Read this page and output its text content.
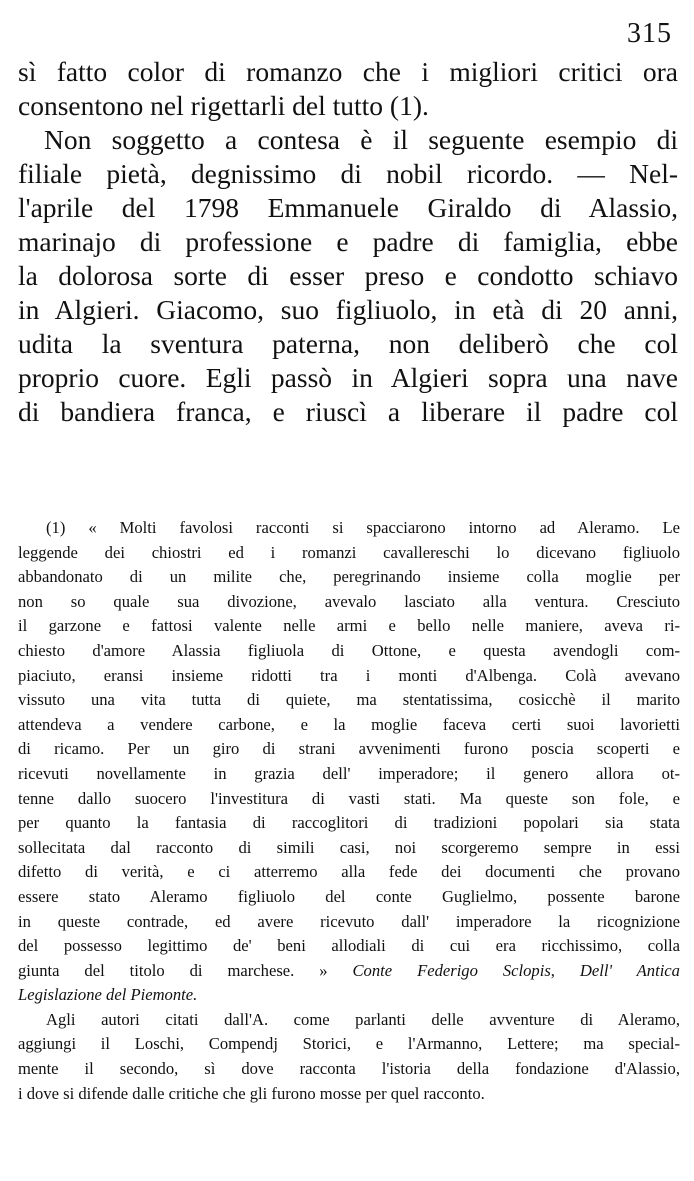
315
sì fatto color di romanzo che i migliori critici ora
consentono nel rigettarli del tutto (1).
Non soggetto a contesa è il seguente esempio di
filiale pietà, degnissimo di nobil ricordo. — Nel-
l'aprile del 1798 Emmanuele Giraldo di Alassio,
marinajo di professione e padre di famiglia, ebbe
la dolorosa sorte di esser preso e condotto schiavo
in Algieri. Giacomo, suo figliuolo, in età di 20 anni,
udita la sventura paterna, non deliberò che col
proprio cuore. Egli passò in Algieri sopra una nave
di bandiera franca, e riuscì a liberare il padre col
(1) « Molti favolosi racconti si spacciarono intorno ad Aleramo. Le
leggende dei chiostri ed i romanzi cavallereschi lo dicevano figliuolo
abbandonato di un milite che, peregrinando insieme colla moglie per
non so quale sua divozione, avevalo lasciato alla ventura. Cresciuto
il garzone e fattosi valente nelle armi e bello nelle maniere, aveva ri-
chiesto d'amore Alassia figliuola di Ottone, e questa avendogli com-
piaciuto, eransi insieme ridotti tra i monti d'Albenga. Colà avevano
vissuto una vita tutta di quiete, ma stentatissima, cosicchè il marito
attendeva a vendere carbone, e la moglie faceva certi suoi lavorietti
di ricamo. Per un giro di strani avvenimenti furono poscia scoperti e
ricevuti novellamente in grazia dell' imperadore; il genero allora ot-
tenne dallo suocero l'investitura di vasti stati. Ma queste son fole, e
per quanto la fantasia di raccoglitori di tradizioni popolari sia stata
sollecitata dal racconto di simili casi, noi scorgeremo sempre in essi
difetto di verità, e ci atterremo alla fede dei documenti che provano
essere stato Aleramo figliuolo del conte Guglielmo, possente barone
in queste contrade, ed avere ricevuto dall' imperadore la ricognizione
del possesso legittimo de' beni allodiali di cui era ricchissimo, colla
giunta del titolo di marchese. » Conte Federigo Sclopis, Dell' Antica
Legislazione del Piemonte.
Agli autori citati dall'A. come parlanti delle avventure di Aleramo,
aggiungi il Loschi, Compendj Storici, e l'Armanno, Lettere; ma special-
mente il secondo, sì dove racconta l'istoria della fondazione d'Alassio,
i dove si difende dalle critiche che gli furono mosse per quel racconto.
